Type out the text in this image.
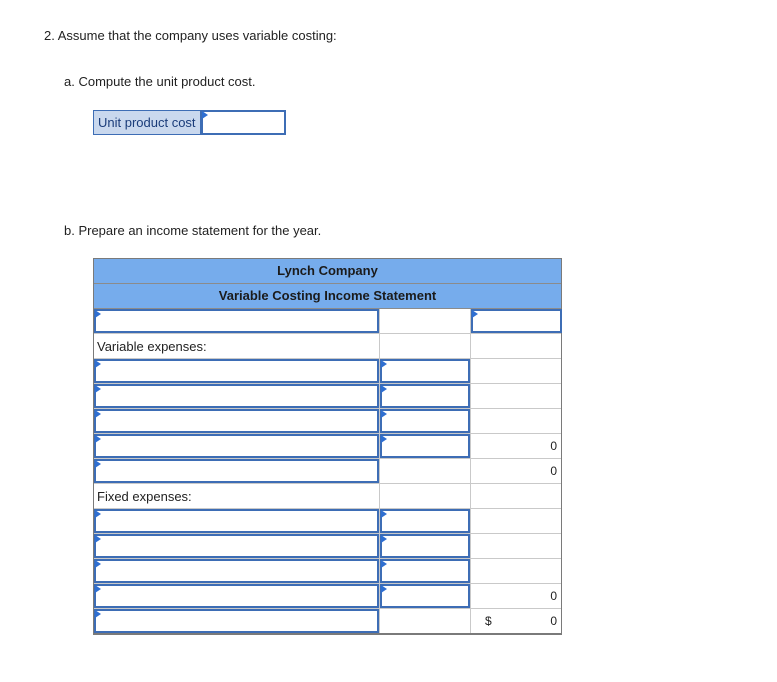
2. Assume that the company uses variable costing:
a. Compute the unit product cost.
Unit product cost
b. Prepare an income statement for the year.
Lynch Company
Variable Costing Income Statement
Variable expenses:
0
0
Fixed expenses:
0
$	0
